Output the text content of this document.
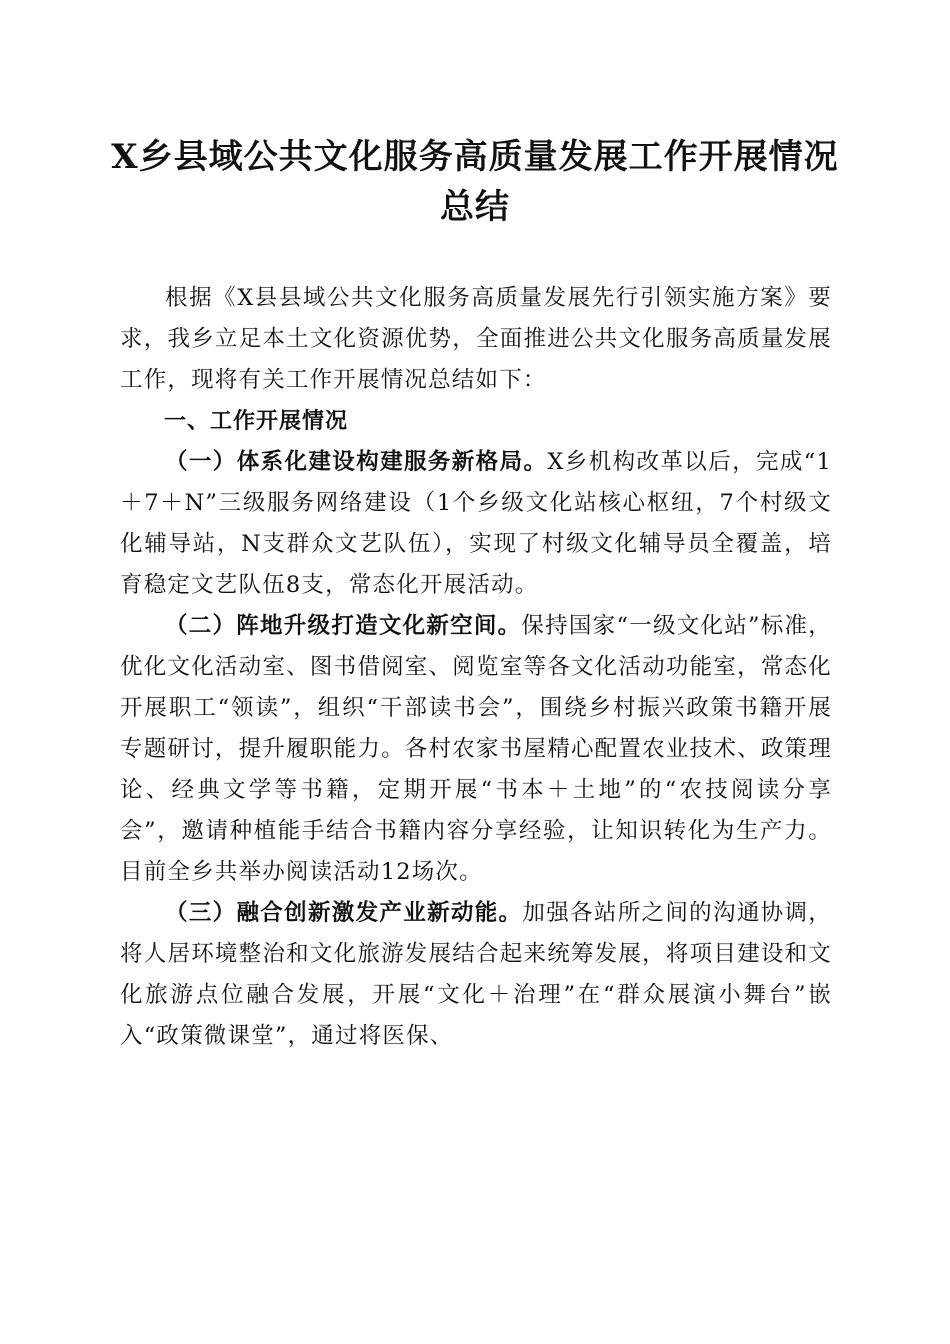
X乡县域公共文化服务高质量发展工作开展情况总结

根据《X县县域公共文化服务高质量发展先行引领实施方案》要求，我乡立足本土文化资源优势，全面推进公共文化服务高质量发展工作，现将有关工作开展情况总结如下：

一、工作开展情况

（一）体系化建设构建服务新格局。X乡机构改革以后，完成“1＋7＋N”三级服务网络建设（1个乡级文化站核心枢纽，7个村级文化辅导站，N支群众文艺队伍），实现了村级文化辅导员全覆盖，培育稳定文艺队伍8支，常态化开展活动。

（二）阵地升级打造文化新空间。保持国家“一级文化站”标准，优化文化活动室、图书借阅室、阅览室等各文化活动功能室，常态化开展职工“领读”，组织“干部读书会”，围绕乡村振兴政策书籍开展专题研讨，提升履职能力。各村农家书屋精心配置农业技术、政策理论、经典文学等书籍，定期开展“书本＋土地”的“农技阅读分享会”，邀请种植能手结合书籍内容分享经验，让知识转化为生产力。目前全乡共举办阅读活动12场次。

（三）融合创新激发产业新动能。加强各站所之间的沟通协调，将人居环境整治和文化旅游发展结合起来统筹发展，将项目建设和文化旅游点位融合发展，开展“文化＋治理”在“群众展演小舞台”嵌入“政策微课堂”，通过将医保、
